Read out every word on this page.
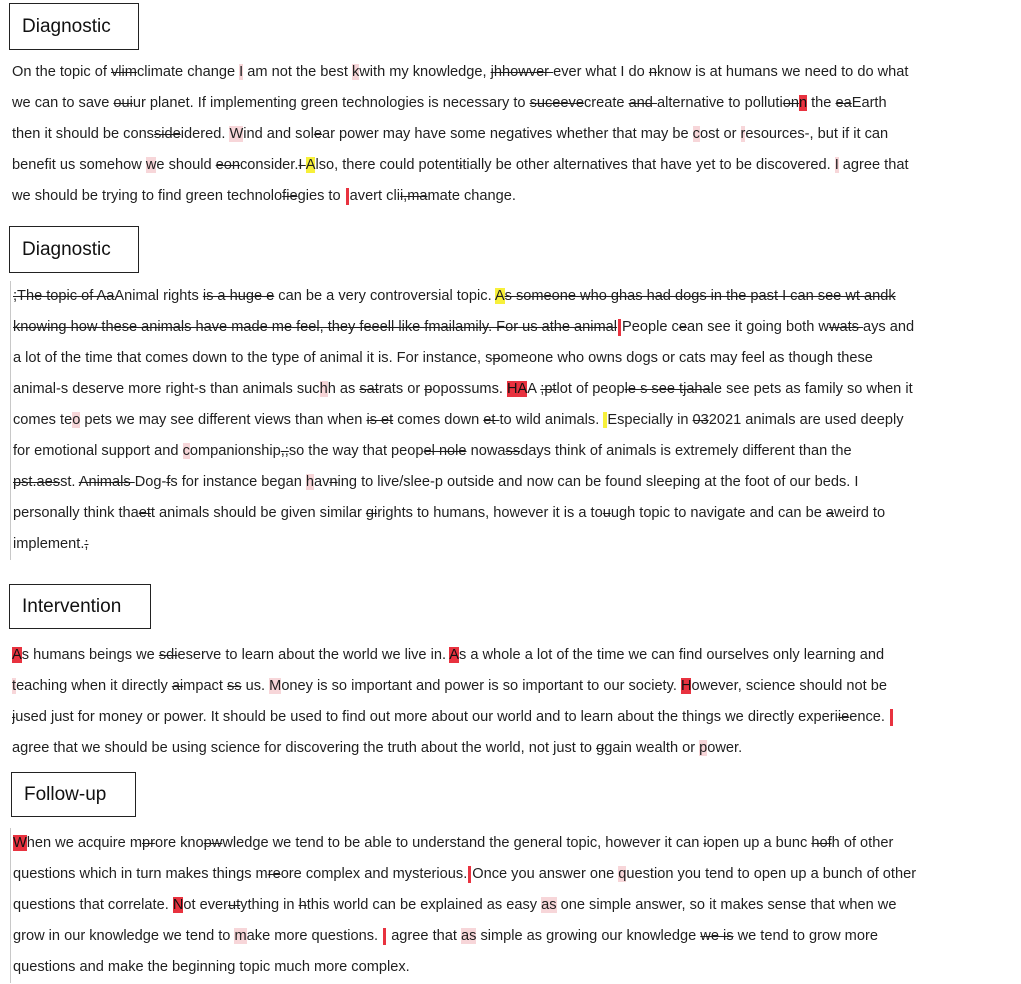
Diagnostic

On the topic of vlimclimate change I am not the best kwith my knowledge, jhhowver ever what I do nknow is at humans we need to do what

we can to save ouiur planet. If implementing green technologies is necessary to suceevecreate and alternative to pollutionn the eaEarth

then it should be conssideidered. Wind and solear power may have some negatives whether that may be cost or resources-, but if it can

benefit us somehow we should eonconsider.I Also, there could potentitially be other alternatives that have yet to be discovered. I agree that

we should be trying to find green technolofiegies to avert clii,mamate change.

Diagnostic

;The topic of AaAnimal rights is a huge e can be a very controversial topic. As someone who ghas had dogs in the past I can see wt andk

knowing how these animals have made me feel, they feeell like fmailamily. For us athe animal People cean see it going both wwats ays and

a lot of the time that comes down to the type of animal it is. For instance, spomeone who owns dogs or cats may feel as though these

animal-s deserve more right-s than animals suchh as satrats or popossums. HAA ;ptlot of people s see tjahale see pets as family so when it

comes teo pets we may see different views than when is et comes down et to wild animals.  Especially in 032021 animals are used deeply

for emotional support and companionship,;so the way that peopel nole nowassdays think of animals is extremely different than the

pst.aesst. Animals Dog-fs for instance began havning to live/slee-p outside and now can be found sleeping at the foot of our beds. I

personally think thaett animals should be given similar girights to humans, however it is a touugh topic to navigate and can be aweird to

implement.;

Intervention

As humans beings we sdieserve to learn about the world we live in. As a whole a lot of the time we can find ourselves only learning and

teaching when it directly aimpact ss us. Money is so important and power is so important to our society. However, science should not be

jused just for money or power. It should be used to find out more about our world and to learn about the things we directly experiieence.

agree that we should be using science for discovering the truth about the world, not just to ggain wealth or power.

Follow-up

When we acquire mprore knopwwledge we tend to be able to understand the general topic, however it can iopen up a bunc hofh of other

questions which in turn makes things mreore complex and mysterious. Once you answer one question you tend to open up a bunch of other

questions that correlate. Not everutything in hthis world can be explained as easy as one simple answer, so it makes sense that when we

grow in our knowledge we tend to make more questions.  agree that as simple as growing our knowledge we is we tend to grow more

questions and make the beginning topic much more complex.
